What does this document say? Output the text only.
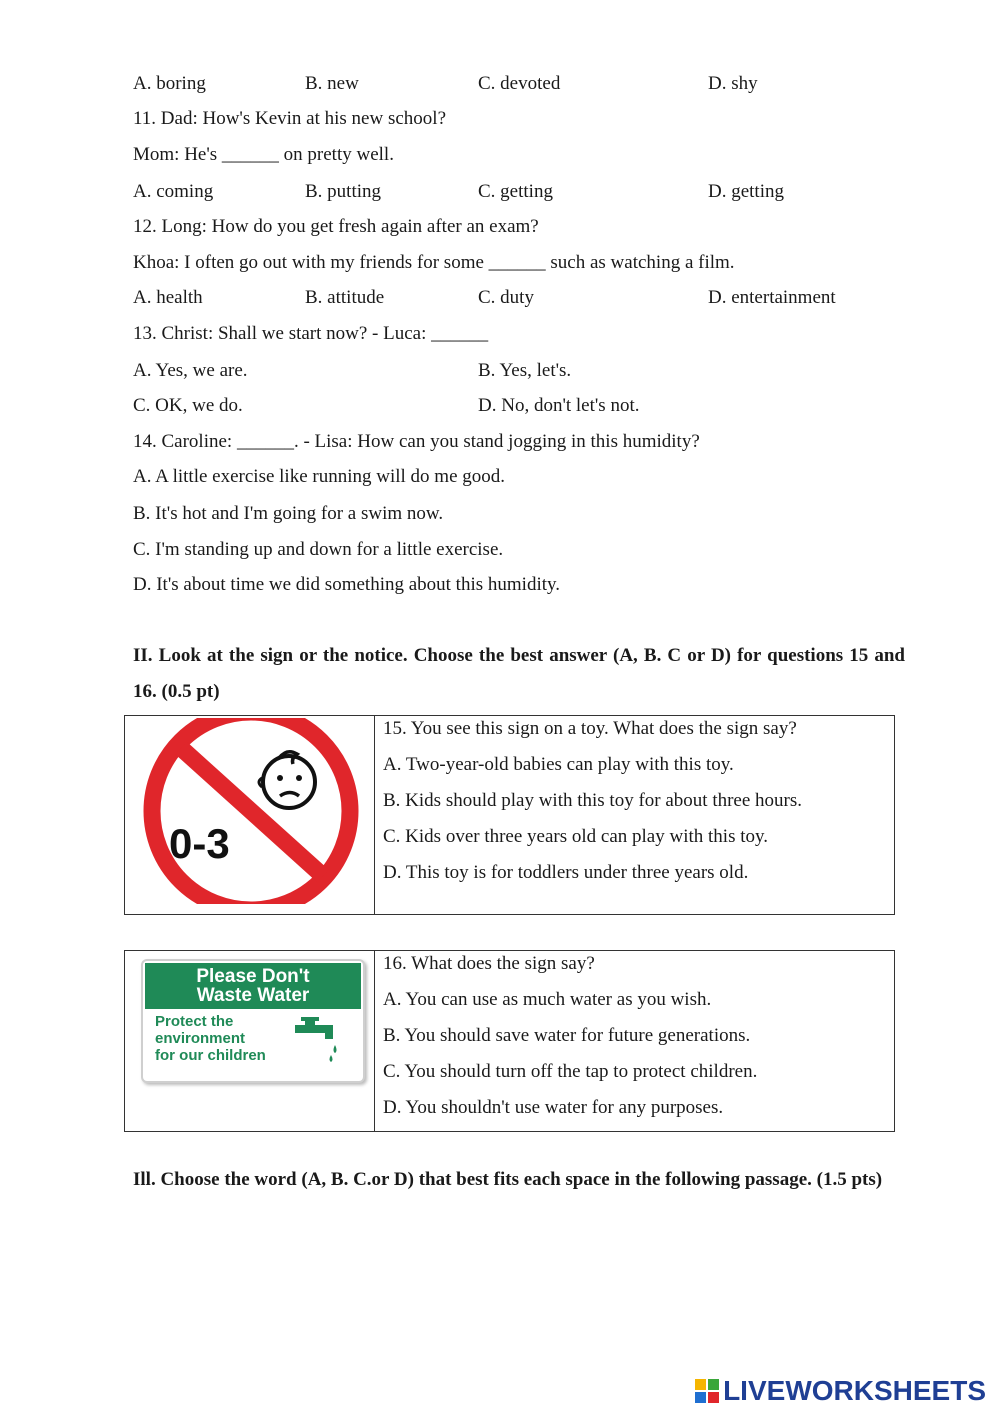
A. boring	B. new	C. devoted	D. shy
11. Dad: How's Kevin at his new school?
Mom: He's ______ on pretty well.
A. coming	B. putting	C. getting	D. getting
12. Long: How do you get fresh again after an exam?
Khoa: I often go out with my friends for some ______ such as watching a film.
A. health	B. attitude	C. duty	D. entertainment
13. Christ: Shall we start now? - Luca: ______
A. Yes, we are.	B. Yes, let's.
C. OK, we do.	D. No, don't let's not.
14. Caroline: ______. - Lisa: How can you stand jogging in this humidity?
A. A little exercise like running will do me good.
B. It's hot and I'm going for a swim now.
C. I'm standing up and down for a little exercise.
D. It's about time we did something about this humidity.
II. Look at the sign or the notice. Choose the best answer (A, B. C or D) for questions 15 and 16. (0.5 pt)
0-3
15. You see this sign on a toy. What does the sign say?
A. Two-year-old babies can play with this toy.
B. Kids should play with this toy for about three hours.
C. Kids over three years old can play with this toy.
D. This toy is for toddlers under three years old.
Please Don't
Waste Water
Protect the
environment
for our children
16. What does the sign say?
A. You can use as much water as you wish.
B. You should save water for future generations.
C. You should turn off the tap to protect children.
D. You shouldn't use water for any purposes.
Ill. Choose the word (A, B. C.or D) that best fits each space in the following passage. (1.5 pts)
LIVEWORKSHEETS
